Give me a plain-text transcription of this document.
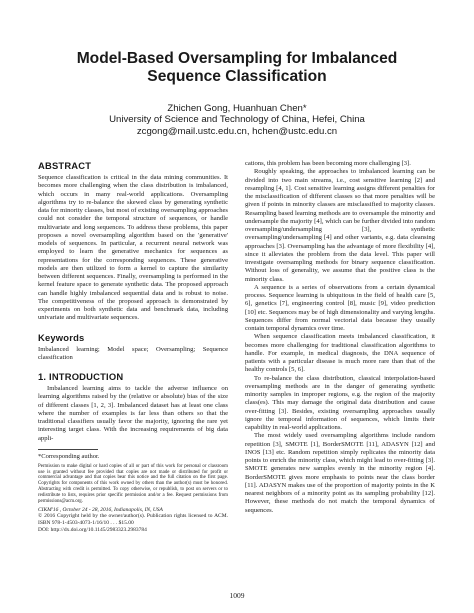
Model-Based Oversampling for Imbalanced Sequence Classification
Zhichen Gong, Huanhuan Chen*
University of Science and Technology of China, Hefei, China
zcgong@mail.ustc.edu.cn, hchen@ustc.edu.cn
ABSTRACT

Sequence classification is critical in the data mining communities. It becomes more challenging when the class distribution is imbalanced, which occurs in many real-world applications. Oversampling algorithms try to re-balance the skewed class by generating synthetic data for minority classes, but most of existing oversampling approaches could not consider the temporal structure of sequences, or handle multivariate and long sequences. To address these problems, this paper proposes a novel oversampling algorithm based on the 'generative' models of sequences. In particular, a recurrent neural network was employed to learn the generative mechanics for sequences as representations for the corresponding sequences. These generative models are then utilized to form a kernel to capture the similarity between different sequences. Finally, oversampling is performed in the kernel feature space to generate synthetic data. The proposed approach can handle highly imbalanced sequential data and is robust to noise. The competitiveness of the proposed approach is demonstrated by experiments on both synthetic data and benchmark data, including univariate and multivariate sequences.

Keywords

Imbalanced learning; Model space; Oversampling; Sequence classification

1. INTRODUCTION

Imbalanced learning aims to tackle the adverse influence on learning algorithms raised by the (relative or absolute) bias of the size of different classes [1, 2, 3]. Imbalanced dataset has at least one class where the number of examples is far less than others so that the traditional classifiers usually favor the majority, ignoring the rare yet interesting target class. With the increasing requirements of big data appli-

*Corresponding author.

Permission to make digital or hard copies of all or part of this work for personal or classroom use is granted without fee provided that copies are not made or distributed for profit or commercial advantage and that copies bear this notice and the full citation on the first page. Copyrights for components of this work owned by others than the author(s) must be honored. Abstracting with credit is permitted. To copy otherwise, or republish, to post on servers or to redistribute to lists, requires prior specific permission and/or a fee. Request permissions from permissions@acm.org.

CIKM'16 , October 24 - 28, 2016, Indianapolis, IN, USA

© 2016 Copyright held by the owner/author(s). Publication rights licensed to ACM. ISBN 978-1-4503-4073-1/16/10 . . . $15.00

DOI: http://dx.doi.org/10.1145/2983323.2983784

cations, this problem has been becoming more challenging [3].

Roughly speaking, the approaches to imbalanced learning can be divided into two main streams, i.e., cost sensitive learning [2] and resampling [4, 1]. Cost sensitive learning assigns different penalties for the misclassification of different classes so that more penalties will be given if points in minority classes are misclassified to majority classes. Resampling based learning methods are to oversample the minority and undersample the majority [4], which can be further divided into random oversampling/undersampling [3], synthetic oversampling/undersampling [4] and other variants, e.g. data cleansing approaches [3]. Oversampling has the advantage of more flexibility [4], since it alleviates the problem from the data level. This paper will investigate oversampling methods for binary sequence classification. Without loss of generality, we assume that the positive class is the minority class.

A sequence is a series of observations from a certain dynamical process. Sequence learning is ubiquitous in the field of health care [5, 6], genetics [7], engineering control [8], music [9], video prediction [10] etc. Sequences may be of high dimensionality and varying lengths. Sequences differ from normal vectorial data because they usually contain temporal dynamics over time.

When sequence classification meets imbalanced classification, it becomes more challenging for traditional classification algorithms to handle. For example, in medical diagnosis, the DNA sequence of patients with a particular disease is much more rare than that of the healthy controls [5, 6].

To re-balance the class distribution, classical interpolation-based oversampling methods are in the danger of generating synthetic minority samples in improper regions, e.g. the region of the majority class(es). This may damage the original data distribution and cause over-fitting [3]. Besides, existing oversampling approaches usually ignore the temporal information of sequences, which limits their capability in real-world applications.

The most widely used oversampling algorithms include random repetition [3], SMOTE [1], BorderSMOTE [11], ADASYN [12] and INOS [13] etc. Random repetition simply replicates the minority data points to enrich the minority class, which might lead to over-fitting [3]. SMOTE generates new samples evenly in the minority region [4]. BorderSMOTE gives more emphasis to points near the class border [11]. ADASYN makes use of the proportion of majority points in the K nearest neighbors of a minority point as its sampling probability [12]. However, these methods do not match the temporal dynamics of sequences.

1009
